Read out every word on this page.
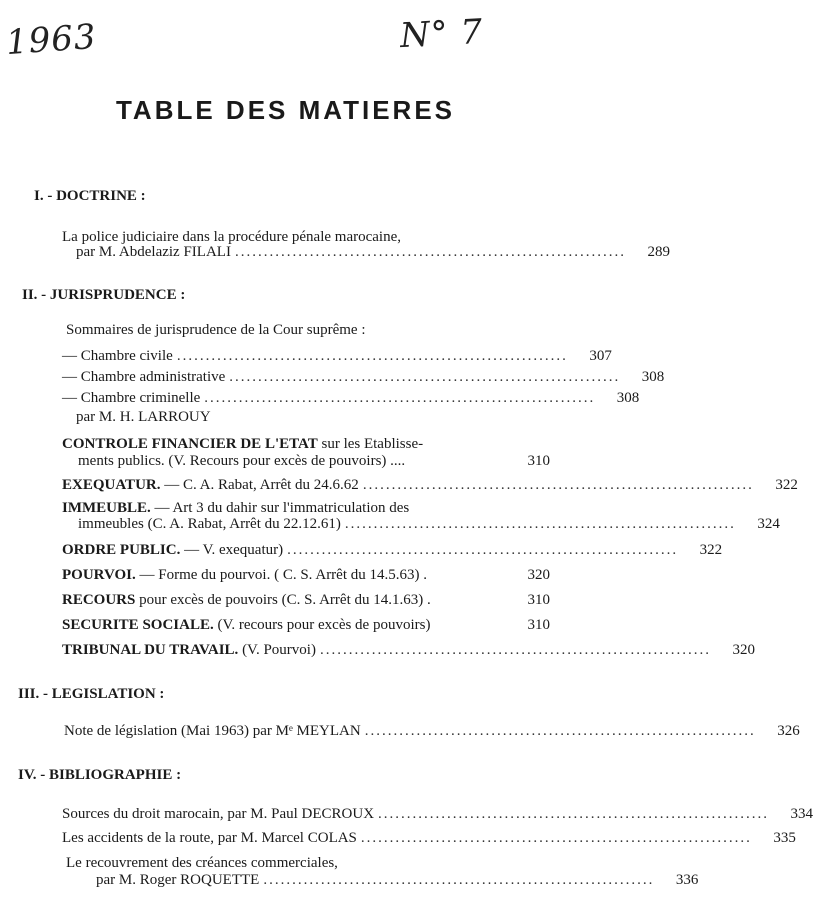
1963	N° 7
TABLE DES MATIERES
I. - DOCTRINE :
La police judiciaire dans la procédure pénale marocaine,
par M. Abdelaziz FILALI ....................................................................	289
II. - JURISPRUDENCE :
Sommaires de jurisprudence de la Cour suprême :
— Chambre civile ....................................................................	307
— Chambre administrative ....................................................................	308
— Chambre criminelle ....................................................................	308
par M. H. LARROUY
CONTROLE FINANCIER DE L'ETAT sur les Etablisse-
ments publics. (V. Recours pour excès de pouvoirs) ....	310
EXEQUATUR. — C. A. Rabat, Arrêt du 24.6.62 ....................................................................	322
IMMEUBLE. — Art 3 du dahir sur l'immatriculation des
immeubles (C. A. Rabat, Arrêt du 22.12.61) ....................................................................	324
ORDRE PUBLIC. — V. exequatur) ....................................................................	322
POURVOI. — Forme du pourvoi. ( C. S. Arrêt du 14.5.63) .	320
RECOURS pour excès de pouvoirs (C. S. Arrêt du 14.1.63) .	310
SECURITE SOCIALE. (V. recours pour excès de pouvoirs)	310
TRIBUNAL DU TRAVAIL. (V. Pourvoi) ....................................................................	320
III. - LEGISLATION :
Note de législation (Mai 1963) par Mᵉ MEYLAN ....................................................................	326
IV. - BIBLIOGRAPHIE :
Sources du droit marocain, par M. Paul DECROUX ....................................................................	334
Les accidents de la route, par M. Marcel COLAS ....................................................................	335
Le recouvrement des créances commerciales,
par M. Roger ROQUETTE ....................................................................	336
